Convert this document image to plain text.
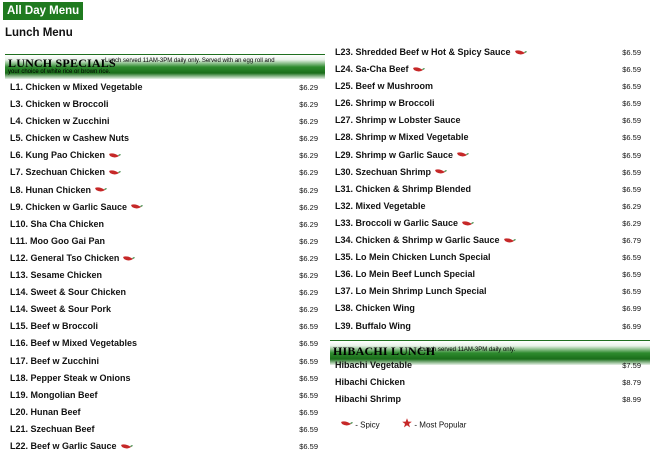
All Day Menu
Lunch Menu
LUNCH SPECIALS
Lunch served 11AM-3PM daily only. Served with an egg roll and
your choice of white rice or brown rice.
L1. Chicken w Mixed Vegetable	$6.29
L3. Chicken w Broccoli	$6.29
L4. Chicken w Zucchini	$6.29
L5. Chicken w Cashew Nuts	$6.29
L6. Kung Pao Chicken	$6.29
L7. Szechuan Chicken	$6.29
L8. Hunan Chicken	$6.29
L9. Chicken w Garlic Sauce	$6.29
L10. Sha Cha Chicken	$6.29
L11. Moo Goo Gai Pan	$6.29
L12. General Tso Chicken	$6.29
L13. Sesame Chicken	$6.29
L14. Sweet & Sour Chicken	$6.29
L14. Sweet & Sour Pork	$6.29
L15. Beef w Broccoli	$6.59
L16. Beef w Mixed Vegetables	$6.59
L17. Beef w Zucchini	$6.59
L18. Pepper Steak w Onions	$6.59
L19. Mongolian Beef	$6.59
L20. Hunan Beef	$6.59
L21. Szechuan Beef	$6.59
L22. Beef w Garlic Sauce	$6.59
L23. Shredded Beef w Hot & Spicy Sauce	$6.59
L24. Sa-Cha Beef	$6.59
L25. Beef w Mushroom	$6.59
L26. Shrimp w Broccoli	$6.59
L27. Shrimp w Lobster Sauce	$6.59
L28. Shrimp w Mixed Vegetable	$6.59
L29. Shrimp w Garlic Sauce	$6.59
L30. Szechuan Shrimp	$6.59
L31. Chicken & Shrimp Blended	$6.59
L32. Mixed Vegetable	$6.29
L33. Broccoli w Garlic Sauce	$6.29
L34. Chicken & Shrimp w Garlic Sauce	$6.79
L35. Lo Mein Chicken Lunch Special	$6.59
L36. Lo Mein Beef Lunch Special	$6.59
L37. Lo Mein Shrimp Lunch Special	$6.59
L38. Chicken Wing	$6.99
L39. Buffalo Wing	$6.99
HIBACHI LUNCH
Lunch served 11AM-3PM daily only.
Hibachi Vegetable	$7.59
Hibachi Chicken	$8.79
Hibachi Shrimp	$8.99
- Spicy	- Most Popular
